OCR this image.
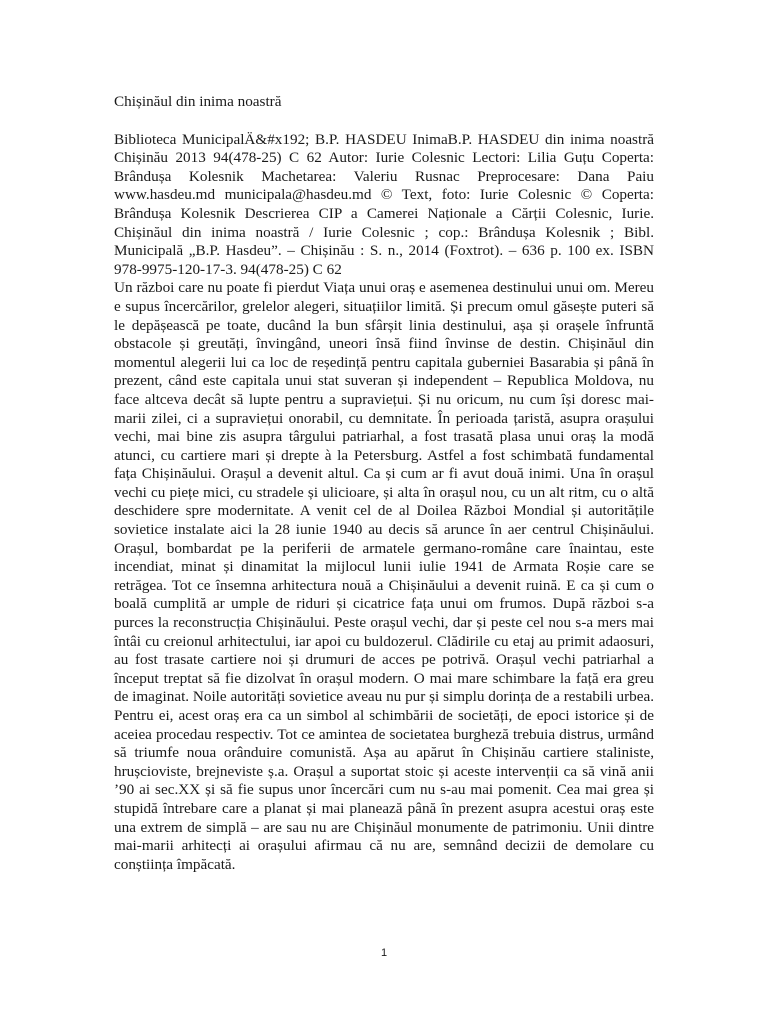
Chișinăul din inima noastră

Biblioteca MunicipalÄ&#x192; B.P. HASDEU InimaB.P. HASDEU din inima noastră Chișinău 2013 94(478-25) C 62 Autor: Iurie Colesnic Lectori: Lilia Guțu Coperta: Brândușa Kolesnik Machetarea: Valeriu Rusnac Preprocesare: Dana Paiu www.hasdeu.md municipala@hasdeu.md © Text, foto: Iurie Colesnic © Coperta: Brândușa Kolesnik Descrierea CIP a Camerei Naționale a Cărții Colesnic, Iurie. Chișinăul din inima noastră / Iurie Colesnic ; cop.: Brândușa Kolesnik ; Bibl. Municipală „B.P. Hasdeu”. – Chișinău : S. n., 2014 (Foxtrot). – 636 p. 100 ex. ISBN 978-9975-120-17-3. 94(478-25) C 62

Un război care nu poate fi pierdut Viața unui oraș e asemenea destinului unui om. Mereu e supus încercărilor, grelelor alegeri, situațiilor limită. Și precum omul găsește puteri să le depășească pe toate, ducând la bun sfârșit linia destinului, așa și orașele înfruntă obstacole și greutăți, învingând, uneori însă fiind învinse de destin. Chișinăul din momentul alegerii lui ca loc de reședință pentru capitala guberniei Basarabia și până în prezent, când este capitala unui stat suveran și independent – Republica Moldova, nu face altceva decât să lupte pentru a supraviețui. Și nu oricum, nu cum își doresc mai-marii zilei, ci a supraviețui onorabil, cu demnitate. În perioada țaristă, asupra orașului vechi, mai bine zis asupra târgului patriarhal, a fost trasată plasa unui oraș la modă atunci, cu cartiere mari și drepte à la Petersburg. Astfel a fost schimbată fundamental fața Chișinăului. Orașul a devenit altul. Ca și cum ar fi avut două inimi. Una în orașul vechi cu piețe mici, cu stradele și ulicioare, și alta în orașul nou, cu un alt ritm, cu o altă deschidere spre modernitate. A venit cel de al Doilea Război Mondial și autoritățile sovietice instalate aici la 28 iunie 1940 au decis să arunce în aer centrul Chișinăului. Orașul, bombardat pe la periferii de armatele germano-române care înaintau, este incendiat, minat și dinamitat la mijlocul lunii iulie 1941 de Armata Roșie care se retrăgea. Tot ce însemna arhitectura nouă a Chișinăului a devenit ruină. E ca și cum o boală cumplită ar umple de riduri și cicatrice fața unui om frumos. După război s-a purces la reconstrucția Chișinăului. Peste orașul vechi, dar și peste cel nou s-a mers mai întâi cu creionul arhitectului, iar apoi cu buldozerul. Clădirile cu etaj au primit adaosuri, au fost trasate cartiere noi și drumuri de acces pe potrivă. Orașul vechi patriarhal a început treptat să fie dizolvat în orașul modern. O mai mare schimbare la față era greu de imaginat. Noile autorități sovietice aveau nu pur și simplu dorința de a restabili urbea. Pentru ei, acest oraș era ca un simbol al schimbării de societăți, de epoci istorice și de aceiea procedau respectiv. Tot ce amintea de societatea burgheză trebuia distrus, urmând să triumfe noua orânduire comunistă. Așa au apărut în Chișinău cartiere staliniste, hrușcioviste, brejneviste ș.a. Orașul a suportat stoic și aceste intervenții ca să vină anii ’90 ai sec.XX și să fie supus unor încercări cum nu s-au mai pomenit. Cea mai grea și stupidă întrebare care a planat și mai planează până în prezent asupra acestui oraș este una extrem de simplă – are sau nu are Chișinăul monumente de patrimoniu. Unii dintre mai-marii arhitecți ai orașului afirmau că nu are, semnând decizii de demolare cu conștiința împăcată.

1
